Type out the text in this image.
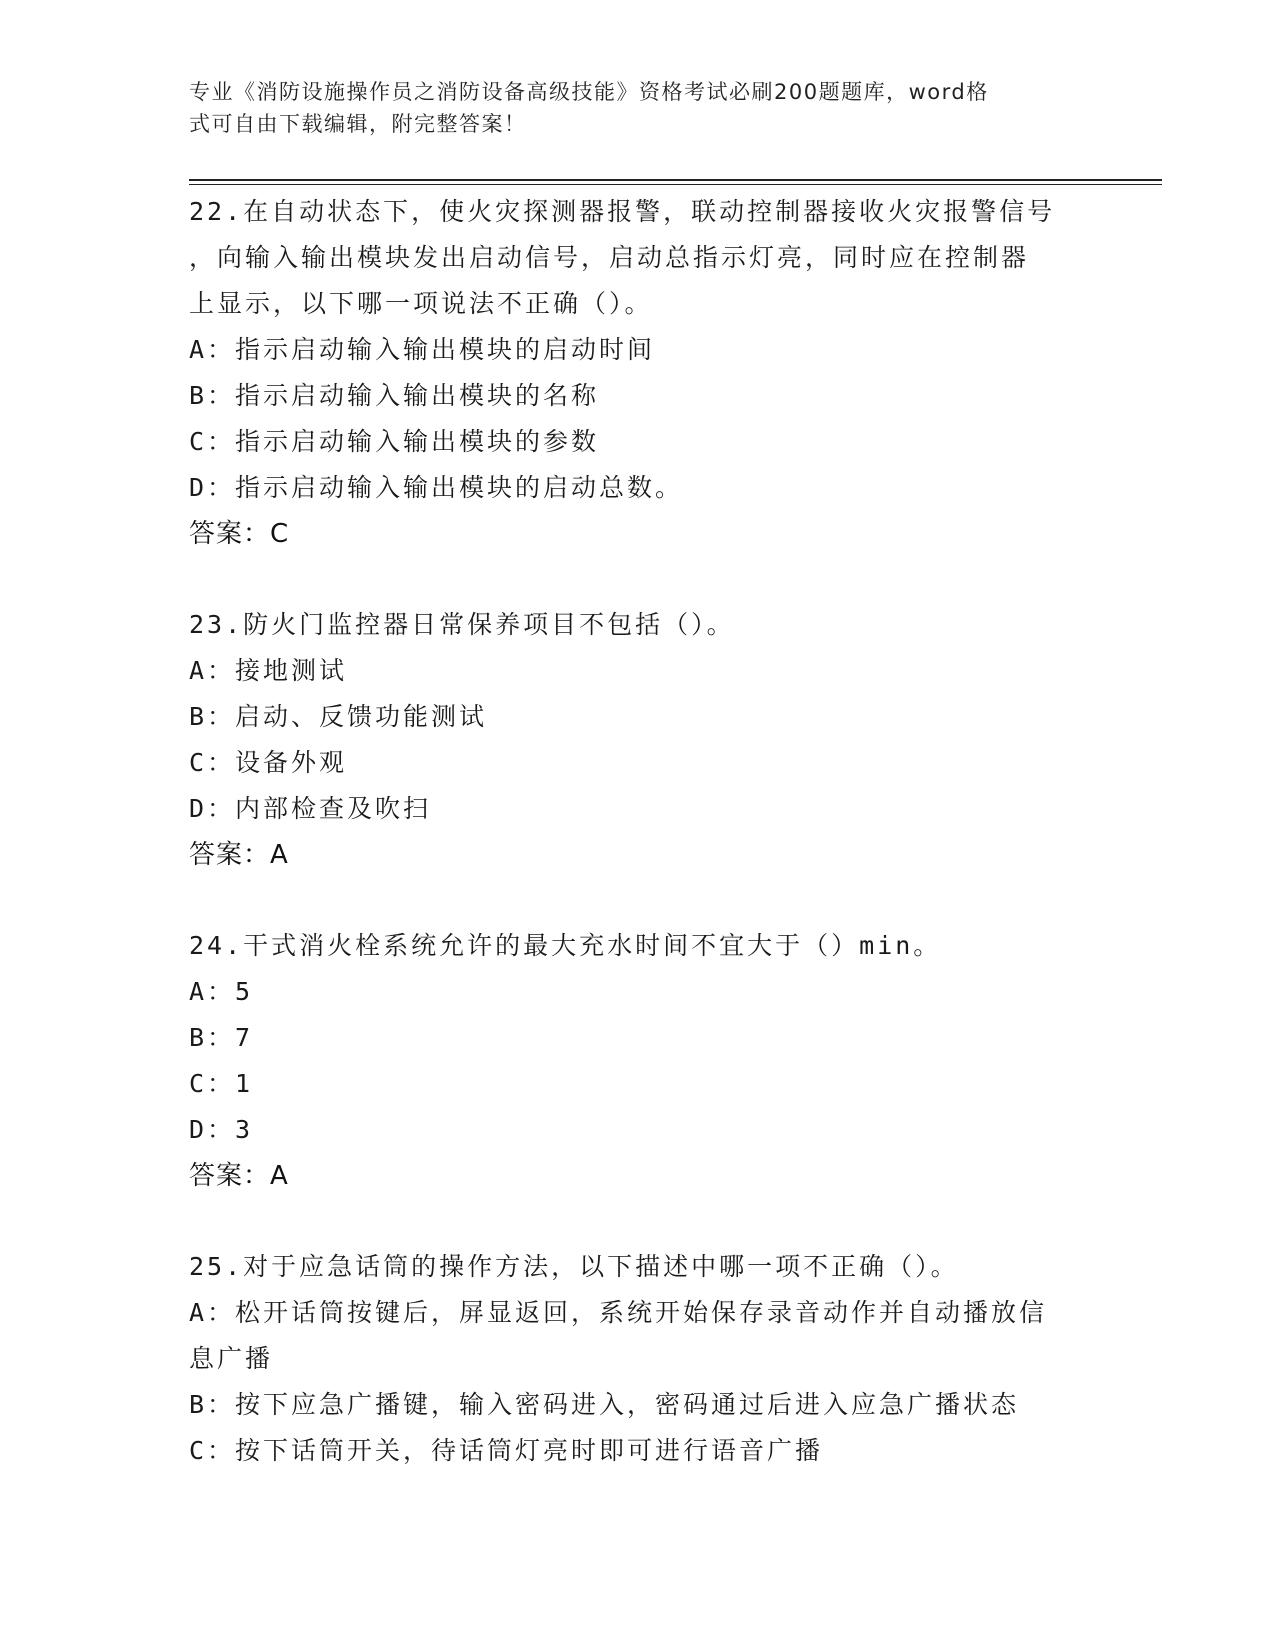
专业《消防设施操作员之消防设备高级技能》资格考试必刷200题题库，word格
式可自由下载编辑，附完整答案！
22.在自动状态下，使火灾探测器报警，联动控制器接收火灾报警信号
，向输入输出模块发出启动信号，启动总指示灯亮，同时应在控制器
上显示，以下哪一项说法不正确（）。
A：指示启动输入输出模块的启动时间
B：指示启动输入输出模块的名称
C：指示启动输入输出模块的参数
D：指示启动输入输出模块的启动总数。
答案：C
23.防火门监控器日常保养项目不包括（）。
A：接地测试
B：启动、反馈功能测试
C：设备外观
D：内部检查及吹扫
答案：A
24.干式消火栓系统允许的最大充水时间不宜大于（）min。
A：5
B：7
C：1
D：3
答案：A
25.对于应急话筒的操作方法，以下描述中哪一项不正确（）。
A：松开话筒按键后，屏显返回，系统开始保存录音动作并自动播放信
息广播
B：按下应急广播键，输入密码进入，密码通过后进入应急广播状态
C：按下话筒开关，待话筒灯亮时即可进行语音广播
